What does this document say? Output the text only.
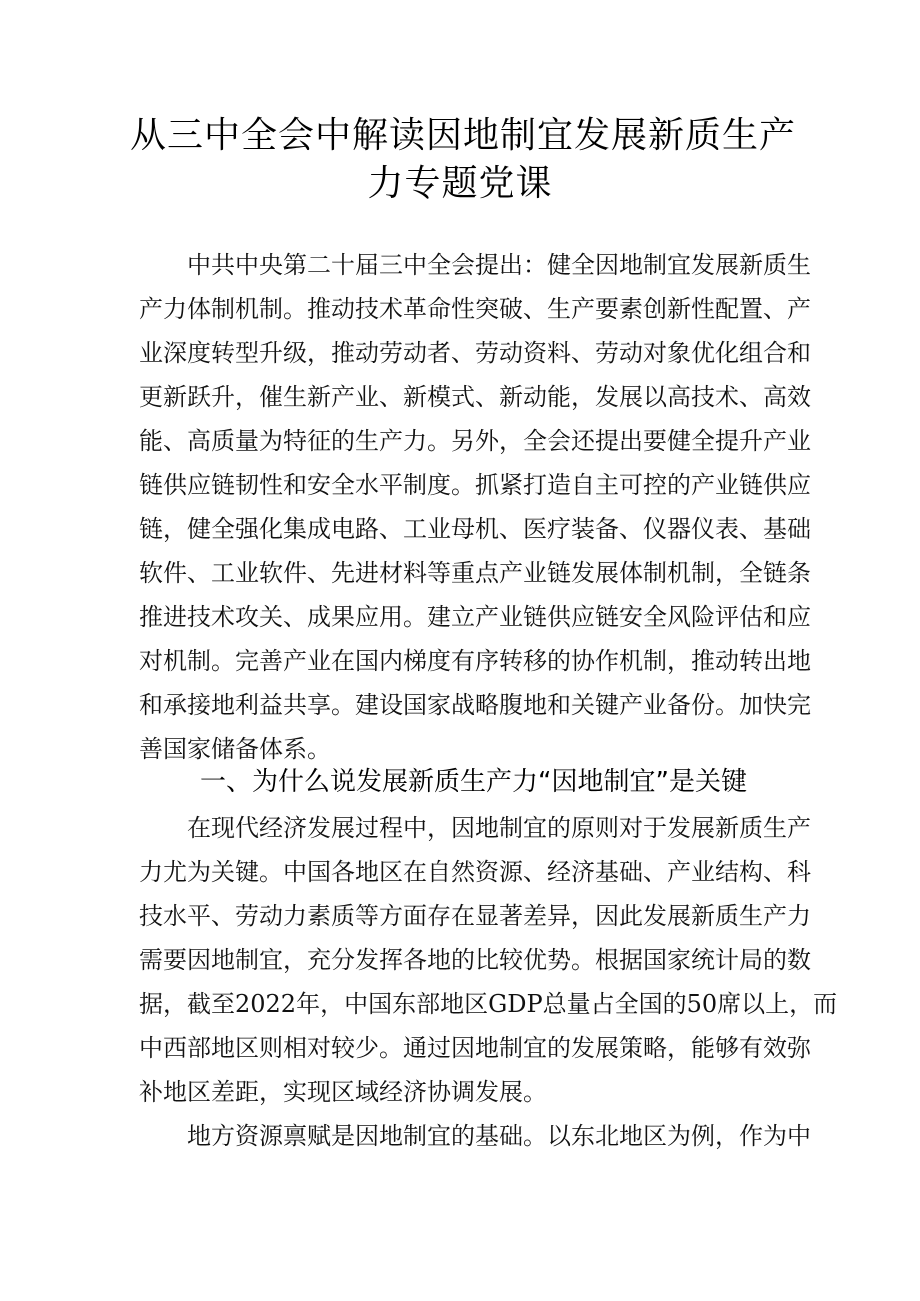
从三中全会中解读因地制宜发展新质生产
力专题党课
中共中央第二十届三中全会提出：健全因地制宜发展新质生
产力体制机制。推动技术革命性突破、生产要素创新性配置、产
业深度转型升级，推动劳动者、劳动资料、劳动对象优化组合和
更新跃升，催生新产业、新模式、新动能，发展以高技术、高效
能、高质量为特征的生产力。另外，全会还提出要健全提升产业
链供应链韧性和安全水平制度。抓紧打造自主可控的产业链供应
链，健全强化集成电路、工业母机、医疗装备、仪器仪表、基础
软件、工业软件、先进材料等重点产业链发展体制机制，全链条
推进技术攻关、成果应用。建立产业链供应链安全风险评估和应
对机制。完善产业在国内梯度有序转移的协作机制，推动转出地
和承接地利益共享。建设国家战略腹地和关键产业备份。加快完
善国家储备体系。
一、为什么说发展新质生产力“因地制宜”是关键
在现代经济发展过程中，因地制宜的原则对于发展新质生产
力尤为关键。中国各地区在自然资源、经济基础、产业结构、科
技水平、劳动力素质等方面存在显著差异，因此发展新质生产力
需要因地制宜，充分发挥各地的比较优势。根据国家统计局的数
据，截至2022年，中国东部地区GDP总量占全国的50席以上，而
中西部地区则相对较少。通过因地制宜的发展策略，能够有效弥
补地区差距，实现区域经济协调发展。
地方资源禀赋是因地制宜的基础。以东北地区为例，作为中
